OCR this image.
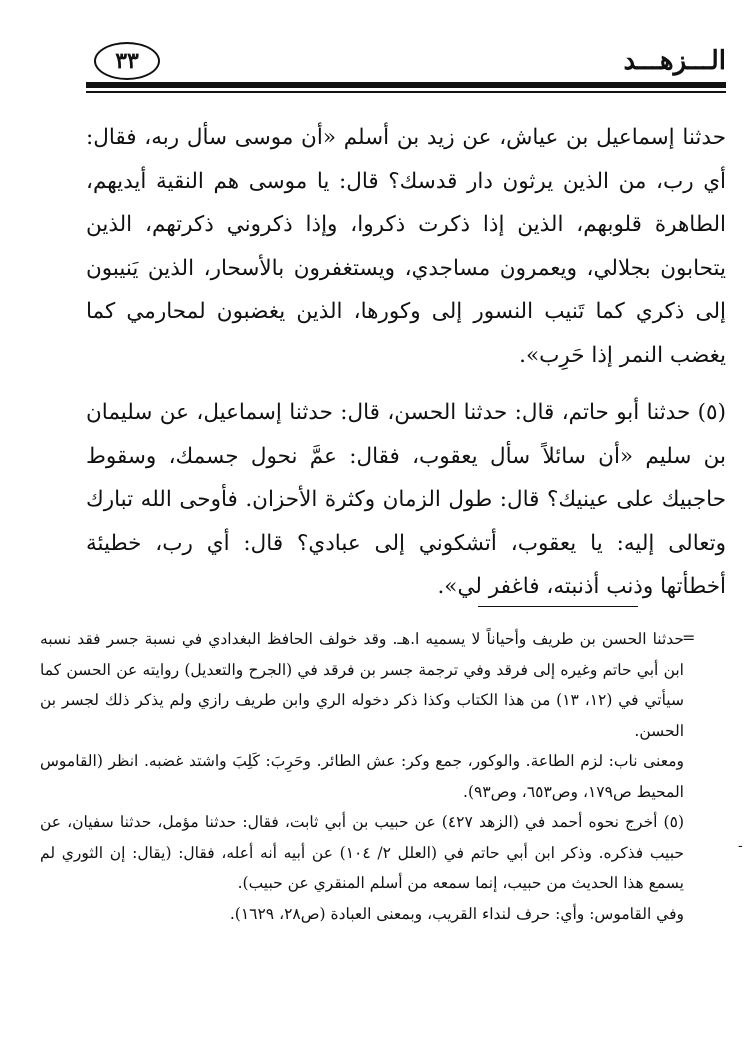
٣٣	الـــزهـــد

حدثنا إسماعيل بن عياش، عن زيد بن أسلم «أن موسى سأل ربه، فقال: أي رب، من الذين يرثون دار قدسك؟ قال: يا موسى هم النقية أيديهم، الطاهرة قلوبهم، الذين إذا ذكرت ذكروا، وإذا ذكروني ذكرتهم، الذين يتحابون بجلالي، ويعمرون مساجدي، ويستغفرون بالأسحار، الذين يَنيبون إلى ذكري كما تَنيب النسور إلى وكورها، الذين يغضبون لمحارمي كما يغضب النمر إذا حَرِب».

(٥) حدثنا أبو حاتم، قال: حدثنا الحسن، قال: حدثنا إسماعيل، عن سليمان بن سليم «أن سائلاً سأل يعقوب، فقال: عمَّ نحول جسمك، وسقوط حاجبيك على عينيك؟ قال: طول الزمان وكثرة الأحزان. فأوحى الله تبارك وتعالى إليه: يا يعقوب، أتشكوني إلى عبادي؟ قال: أي رب، خطيئة أخطأتها وذنب أذنبته، فاغفر لي».

=

حدثنا الحسن بن طريف وأحياناً لا يسميه ا.هـ. وقد خولف الحافظ البغدادي في نسبة جسر فقد نسبه ابن أبي حاتم وغيره إلى فرقد وفي ترجمة جسر بن فرقد في (الجرح والتعديل) روايته عن الحسن كما سيأتي في (١٢، ١٣) من هذا الكتاب وكذا ذكر دخوله الري وابن طريف رازي ولم يذكر ذلك لجسر بن الحسن.

ومعنى ناب: لزم الطاعة. والوكور، جمع وكر: عش الطائر. وحَرِبَ: كَلِبَ واشتد غضبه. انظر (القاموس المحيط ص١٧٩، وص٦٥٣، وص٩٣).

(٥) أخرج نحوه أحمد في (الزهد ٤٢٧) عن حبيب بن أبي ثابت، فقال: حدثنا مؤمل، حدثنا سفيان، عن حبيب فذكره. وذكر ابن أبي حاتم في (العلل ٢/ ١٠٤) عن أبيه أنه أعله، فقال: (يقال: إن الثوري لم يسمع هذا الحديث من حبيب، إنما سمعه من أسلم المنقري عن حبيب).

وفي القاموس: وأي: حرف لنداء القريب، وبمعنى العبادة (ص٢٨، ١٦٢٩).

-
